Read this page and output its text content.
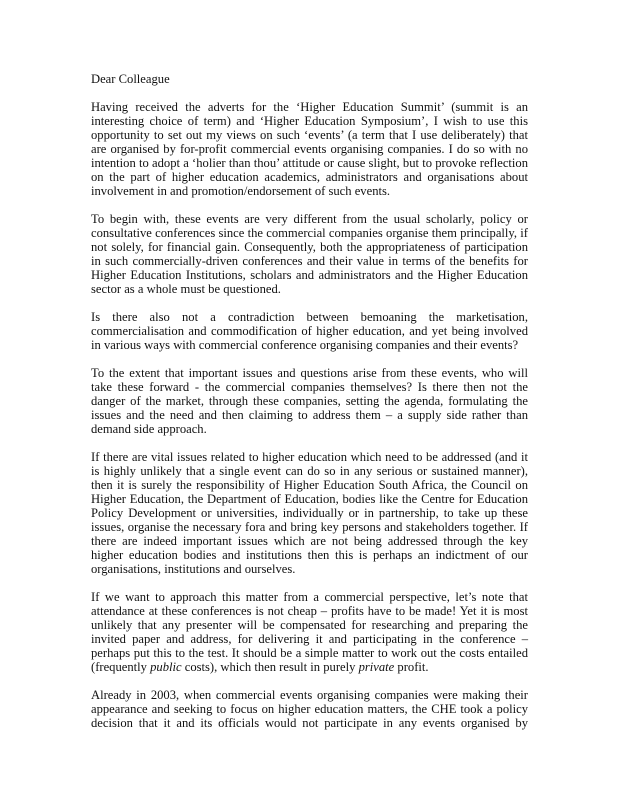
Dear Colleague

Having received the adverts for the ‘Higher Education Summit’ (summit is an interesting choice of term) and ‘Higher Education Symposium’, I wish to use this opportunity to set out my views on such ‘events’ (a term that I use deliberately) that are organised by for-profit commercial events organising companies. I do so with no intention to adopt a ‘holier than thou’ attitude or cause slight, but to provoke reflection on the part of higher education academics, administrators and organisations about involvement in and promotion/endorsement of such events.

To begin with, these events are very different from the usual scholarly, policy or consultative conferences since the commercial companies organise them principally, if not solely, for financial gain. Consequently, both the appropriateness of participation in such commercially-driven conferences and their value in terms of the benefits for Higher Education Institutions, scholars and administrators and the Higher Education sector as a whole must be questioned.

Is there also not a contradiction between bemoaning the marketisation, commercialisation and commodification of higher education, and yet being involved in various ways with commercial conference organising companies and their events?

To the extent that important issues and questions arise from these events, who will take these forward - the commercial companies themselves? Is there then not the danger of the market, through these companies, setting the agenda, formulating the issues and the need and then claiming to address them – a supply side rather than demand side approach.

If there are vital issues related to higher education which need to be addressed (and it is highly unlikely that a single event can do so in any serious or sustained manner), then it is surely the responsibility of Higher Education South Africa, the Council on Higher Education, the Department of Education, bodies like the Centre for Education Policy Development or universities, individually or in partnership, to take up these issues, organise the necessary fora and bring key persons and stakeholders together. If there are indeed important issues which are not being addressed through the key higher education bodies and institutions then this is perhaps an indictment of our organisations, institutions and ourselves.

If we want to approach this matter from a commercial perspective, let’s note that attendance at these conferences is not cheap – profits have to be made! Yet it is most unlikely that any presenter will be compensated for researching and preparing the invited paper and address, for delivering it and participating in the conference – perhaps put this to the test. It should be a simple matter to work out the costs entailed (frequently public costs), which then result in purely private profit.

Already in 2003, when commercial events organising companies were making their appearance and seeking to focus on higher education matters, the CHE took a policy decision that it and its officials would not participate in any events organised by
